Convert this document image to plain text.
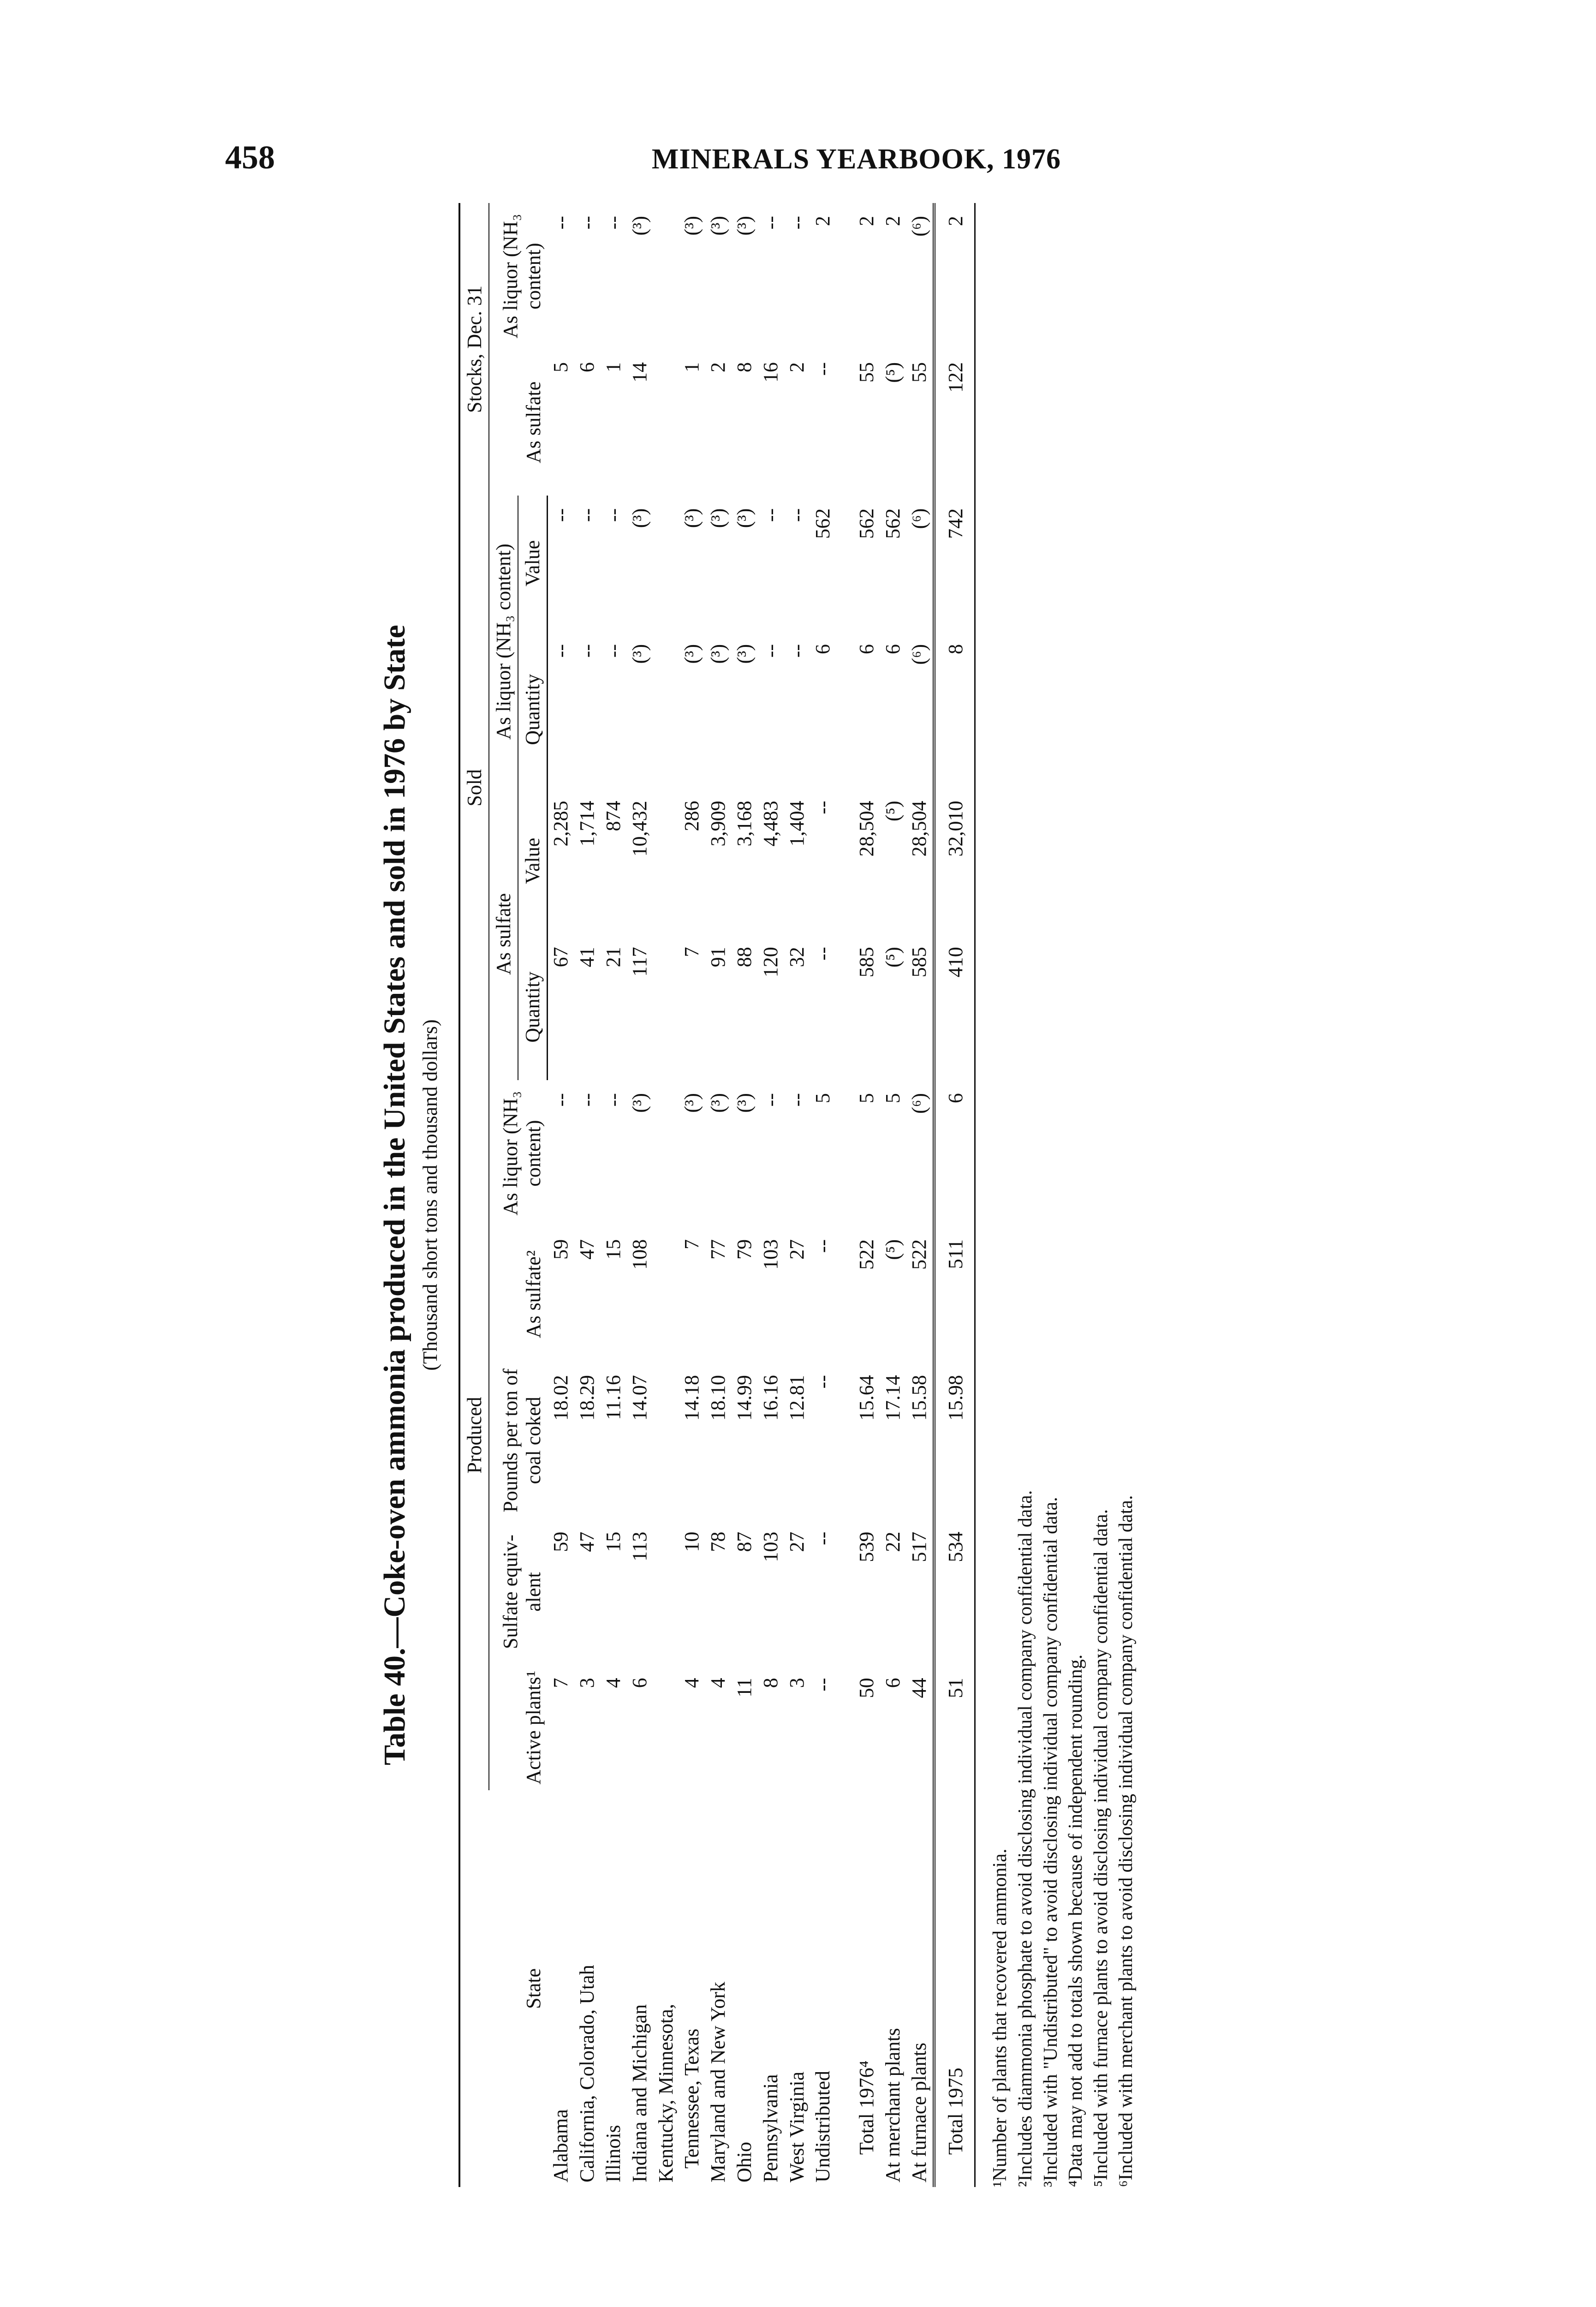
458	MINERALS YEARBOOK, 1976
Table 40.—Coke-oven ammonia produced in the United States and sold in 1976 by State (Thousand short tons and thousand dollars)
State	Produced					Sold				Stocks, Dec. 31	
	Active plants¹	Sulfate equiv-alent	Pounds per ton of coal coked	As sulfate²	As liquor (NH₃ content)	As sulfate		As liquor (NH₃ content)		As sulfate	As liquor (NH₃ content)
						Quantity	Value	Quantity	Value		
Alabama	7	59	18.02	59	--	67	2,285	--	--	5	--
California, Colorado, Utah	3	47	18.29	47	--	41	1,714	--	--	6	--
Illinois	4	15	11.16	15	--	21	874	--	--	1	--
Indiana and Michigan	6	113	14.07	108	(³)	117	10,432	(³)	(³)	14	(³)
Kentucky, Minnesota,											
Tennessee, Texas	4	10	14.18	7	(³)	7	286	(³)	(³)	1	(³)
Maryland and New York	4	78	18.10	77	(³)	91	3,909	(³)	(³)	2	(³)
Ohio	11	87	14.99	79	(³)	88	3,168	(³)	(³)	8	(³)
Pennsylvania	8	103	16.16	103	--	120	4,483	--	--	16	--
West Virginia	3	27	12.81	27	--	32	1,404	--	--	2	--
Undistributed	--	--	--	--	5	--	--	6	562	--	2
Total 1976⁴	50	539	15.64	522	5	585	28,504	6	562	55	2
At merchant plants	6	22	17.14	(⁵)	5	(⁵)	(⁵)	6	562	(⁵)	2
At furnace plants	44	517	15.58	522	(⁶)	585	28,504	(⁶)	(⁶)	55	(⁶)
Total 1975	51	534	15.98	511	6	410	32,010	8	742	122	2
¹Number of plants that recovered ammonia. ²Includes diammonia phosphate to avoid disclosing individual company confidential data. ³Included with "Undistributed" to avoid disclosing individual company confidential data. ⁴Data may not add to totals shown because of independent rounding. ⁵Included with furnace plants to avoid disclosing individual company confidential data. ⁶Included with merchant plants to avoid disclosing individual company confidential data.
